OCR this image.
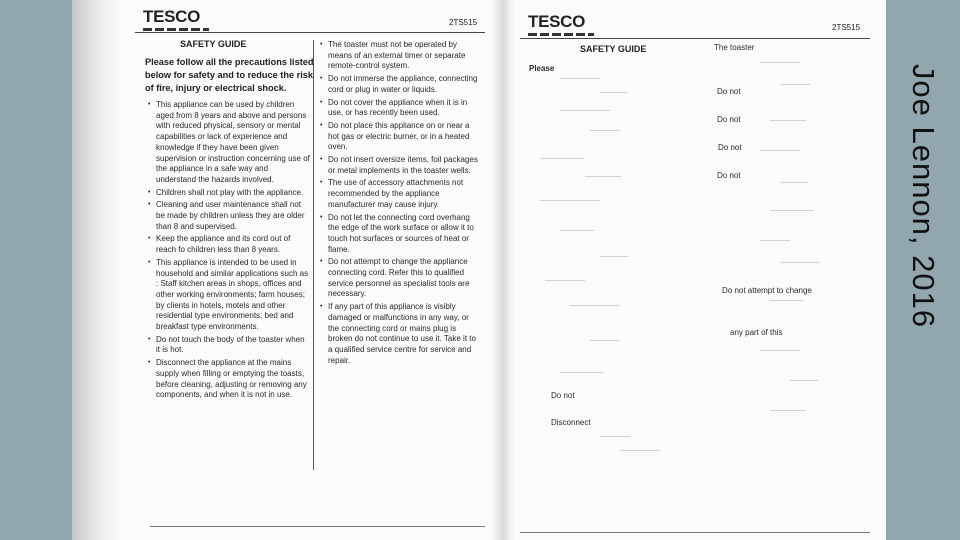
TESCO	2TS515
SAFETY GUIDE
Please follow all the precautions listed below for safety and to reduce the risk of fire, injury or electrical shock.
• This appliance can be used by children aged from 8 years and above and persons with reduced physical, sensory or mental capabilities or lack of experience and knowledge if they have been given supervision or instruction concerning use of the appliance in a safe way and understand the hazards involved.
• Children shall not play with the appliance.
• Cleaning and user maintenance shall not be made by children unless they are older than 8 and supervised.
• Keep the appliance and its cord out of reach fo children less than 8 years.
• This appliance is intended to be used in household and similar applications such as : Staff kitchen areas in shops, offices and other working environments; farm houses; by clients in hotels, motels and other residential type environments; bed and breakfast type environments.
• Do not touch the body of the toaster when it is hot.
• Disconnect the appliance at the mains supply when filling or emptying the toasts, before cleaning, adjusting or removing any components, and when it is not in use.
• The toaster must not be operated by means of an external timer or separate remote-control system.
• Do not immerse the appliance, connecting cord or plug in water or liquids.
• Do not cover the appliance when it is in use, or has recently been used.
• Do not place this appliance on or near a hot gas or electric burner, or in a heated oven.
• Do not insert oversize items, foil packages or metal implements in the toaster wells.
• The use of accessory attachments not recommended by the appliance manufacturer may cause injury.
• Do not let the connecting cord overhang the edge of the work surface or allow it to touch hot surfaces or sources of heat or flame.
• Do not attempt to change the appliance connecting cord. Refer this to qualified service personnel as specialist tools are necessary.
• If any part of this appliance is visibly damaged or malfunctions in any way, or the connecting cord or mains plug is broken do not continue to use it. Take it to a qualified service centre for service and repair.
TESCO	2TS515
SAFETY GUIDE
Please
The toaster
Do not
Do not
Do not
Do not
Do not attempt to change
any part of this
Do not
Disconnect
Joe Lennon, 2016
